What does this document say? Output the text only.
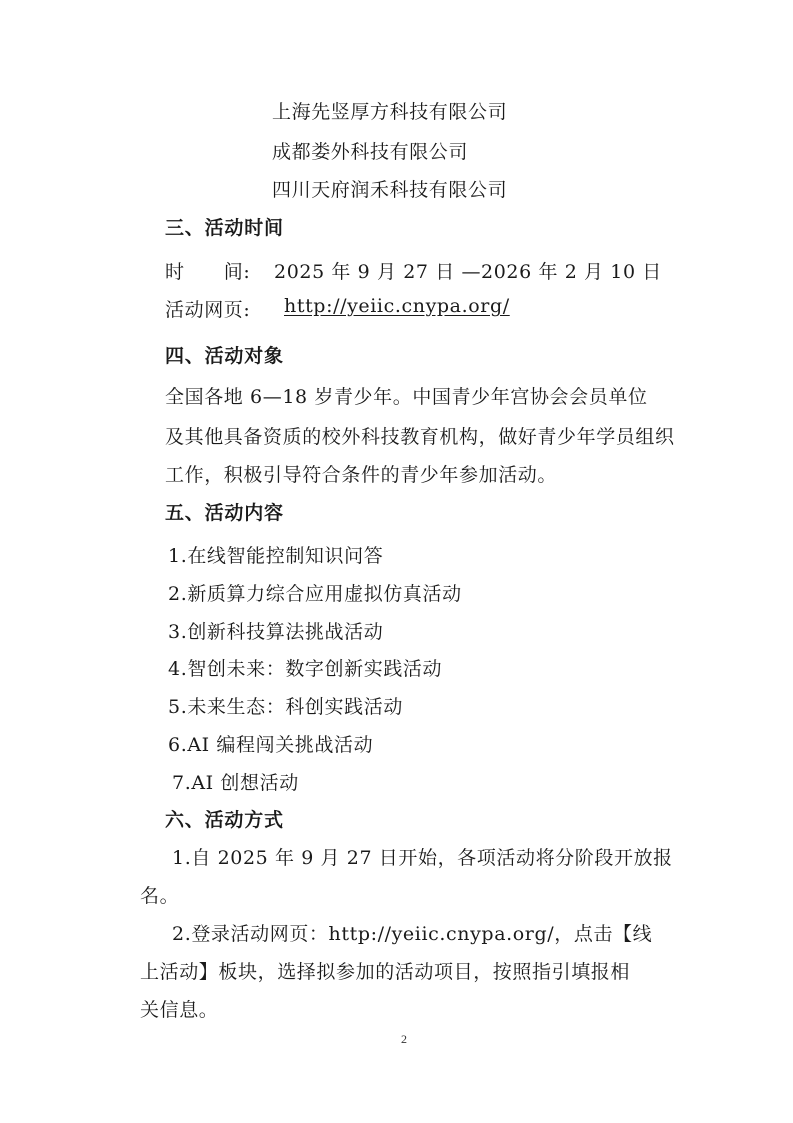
上海先竖厚方科技有限公司
成都娄外科技有限公司
四川天府润禾科技有限公司
三、活动时间
时　　间: 2025 年 9 月 27 日 —2026 年 2 月 10 日
活动网页: http://yeiic.cnypa.org/
四、活动对象
全国各地 6—18 岁青少年。中国青少年宫协会会员单位
及其他具备资质的校外科技教育机构，做好青少年学员组织
工作，积极引导符合条件的青少年参加活动。
五、活动内容
1.在线智能控制知识问答
2.新质算力综合应用虚拟仿真活动
3.创新科技算法挑战活动
4.智创未来：数字创新实践活动
5.未来生态：科创实践活动
6.AI 编程闯关挑战活动
7.AI 创想活动
六、活动方式
1.自 2025 年 9 月 27 日开始，各项活动将分阶段开放报
名。
2.登录活动网页：http://yeiic.cnypa.org/，点击【线
上活动】板块，选择拟参加的活动项目，按照指引填报相
关信息。
2
